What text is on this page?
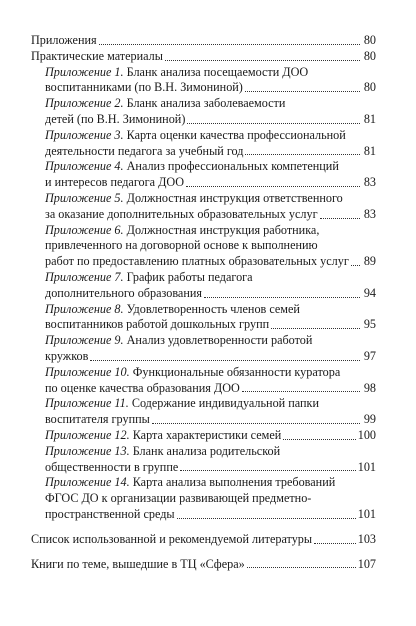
Приложения	80
Практические материалы	80
Приложение 1. Бланк анализа посещаемости ДОО
воспитанниками (по В.Н. Зимониной)	80
Приложение 2. Бланк анализа заболеваемости
детей (по В.Н. Зимониной)	81
Приложение 3. Карта оценки качества профессиональной
деятельности педагога за учебный год	81
Приложение 4. Анализ профессиональных компетенций
и интересов педагога ДОО	83
Приложение 5. Должностная инструкция ответственного
за оказание дополнительных образовательных услуг	83
Приложение 6. Должностная инструкция работника,
привлеченного на договорной основе к выполнению
работ по предоставлению платных образовательных услуг 89
Приложение 7. График работы педагога
дополнительного образования	94
Приложение 8. Удовлетворенность членов семей
воспитанников работой дошкольных групп	95
Приложение 9. Анализ удовлетворенности работой
кружков	97
Приложение 10. Функциональные обязанности куратора
по оценке качества образования ДОО	98
Приложение 11. Содержание индивидуальной папки
воспитателя группы	99
Приложение 12. Карта характеристики семей	100
Приложение 13. Бланк анализа родительской
общественности в группе	101
Приложение 14. Карта анализа выполнения требований
ФГОС ДО к организации развивающей предметно-
пространственной среды	101
Список использованной и рекомендуемой литературы	103
Книги по теме, вышедшие в ТЦ «Сфера»	107
